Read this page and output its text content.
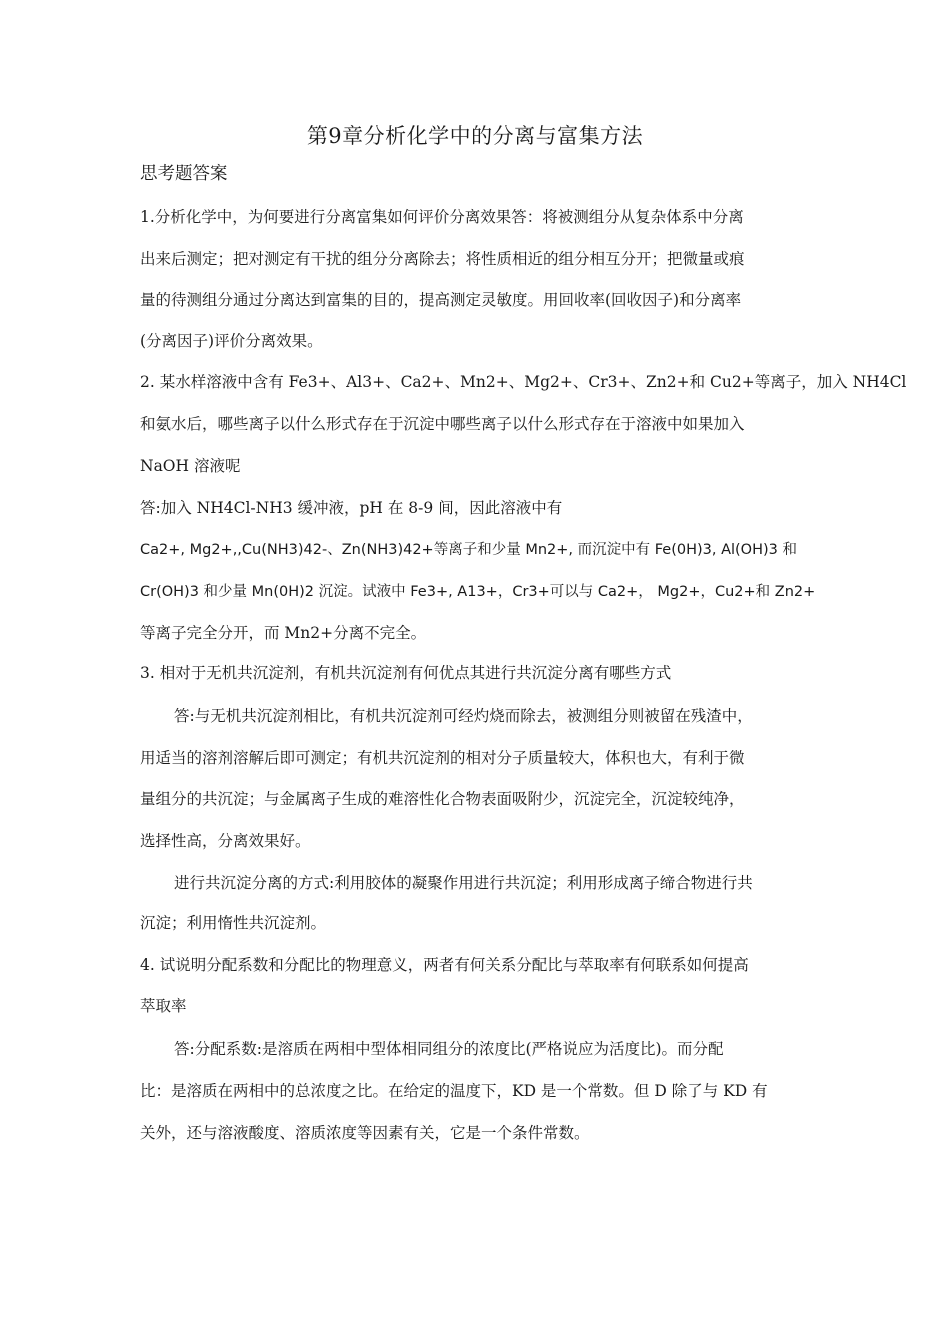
第9章分析化学中的分离与富集方法
思考题答案
1.分析化学中，为何要进行分离富集如何评价分离效果答：将被测组分从复杂体系中分离
出来后测定；把对测定有干扰的组分分离除去；将性质相近的组分相互分开；把微量或痕
量的待测组分通过分离达到富集的目的，提高测定灵敏度。用回收率(回收因子)和分离率
(分离因子)评价分离效果。
2. 某水样溶液中含有 Fe3+、Al3+、Ca2+、Mn2+、Mg2+、Cr3+、Zn2+和 Cu2+等离子，加入 NH4Cl
和氨水后，哪些离子以什么形式存在于沉淀中哪些离子以什么形式存在于溶液中如果加入
NaOH 溶液呢
答:加入 NH4Cl-NH3 缓冲液，pH 在 8-9 间，因此溶液中有
Ca2+, Mg2+,,Cu(NH3)42-、Zn(NH3)42+等离子和少量 Mn2+, 而沉淀中有 Fe(0H)3, Al(OH)3 和
Cr(OH)3 和少量 Mn(0H)2 沉淀。试液中 Fe3+, A13+，Cr3+可以与 Ca2+， Mg2+，Cu2+和 Zn2+
等离子完全分开，而 Mn2+分离不完全。
3. 相对于无机共沉淀剂，有机共沉淀剂有何优点其进行共沉淀分离有哪些方式
答:与无机共沉淀剂相比，有机共沉淀剂可经灼烧而除去，被测组分则被留在残渣中，
用适当的溶剂溶解后即可测定；有机共沉淀剂的相对分子质量较大，体积也大，有利于微
量组分的共沉淀；与金属离子生成的难溶性化合物表面吸附少，沉淀完全，沉淀较纯净，
选择性高，分离效果好。
进行共沉淀分离的方式:利用胶体的凝聚作用进行共沉淀；利用形成离子缔合物进行共
沉淀；利用惰性共沉淀剂。
4. 试说明分配系数和分配比的物理意义，两者有何关系分配比与萃取率有何联系如何提高
萃取率
答:分配系数:是溶质在两相中型体相同组分的浓度比(严格说应为活度比)。而分配
比：是溶质在两相中的总浓度之比。在给定的温度下，KD 是一个常数。但 D 除了与 KD 有
关外，还与溶液酸度、溶质浓度等因素有关，它是一个条件常数。
